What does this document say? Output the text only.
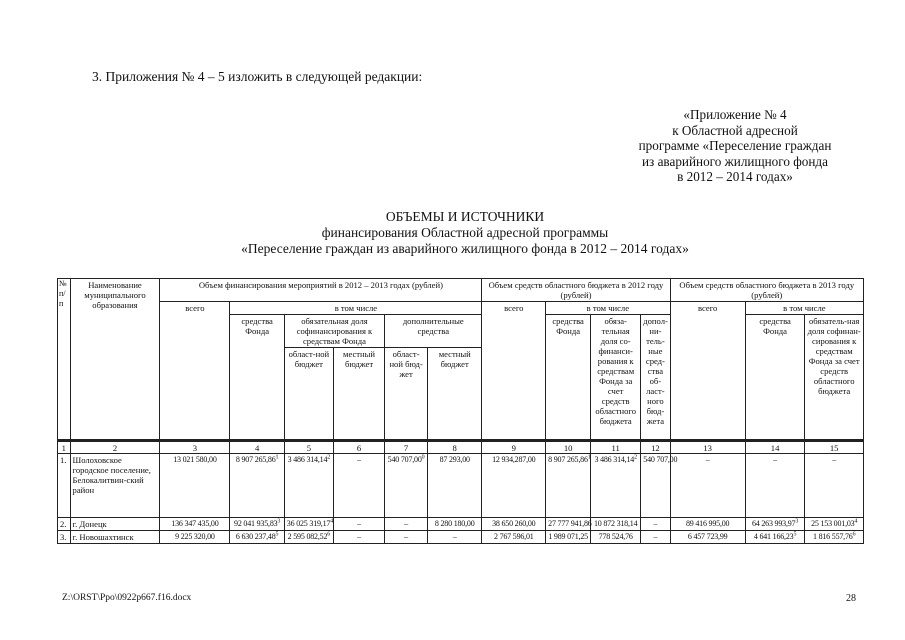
3. Приложения № 4 – 5 изложить в следующей редакции:
«Приложение № 4
к Областной адресной
программе «Переселение граждан
из аварийного жилищного фонда
в 2012 – 2014 годах»
ОБЪЕМЫ И ИСТОЧНИКИ
финансирования Областной адресной программы
«Переселение граждан из аварийного жилищного фонда в 2012 – 2014 годах»
№ п/п	Наименование муниципального образования	Объем финансирования мероприятий в 2012 – 2013 годах (рублей)						Объем средств областного бюджета в 2012 году (рублей)				Объем средств областного бюджета в 2013 году (рублей)		
		всего	в том числе					всего	в том числе			всего	в том числе	
			средства Фонда	обязательная доля софинансирования к средствам Фонда		дополнительные средства			средства Фонда	обяза-тельная доля со-финанси-рования к средствам Фонда за счет средств областного бюджета	допол-ни-тель-ные сред-ства об-ласт-ного бюд-жета		средства Фонда	обязатель-ная доля софинан-сирования к средствам Фонда за счет средств областного бюджета
				област-ной бюджет	местный бюджет	област-ной бюд-жет	местный бюджет							

1	2	3	4	5	6	7	8	9	10	11	12	13	14	15
1.	Шолоховское городское поселение, Белокалитвин-ский район	13 021 580,00	8 907 265,86$^1$	3 486 314,14$^2$	–	540 707,00$^0$	87 293,00	12 934,287,00	8 907 265,86$^1$	3 486 314,14$^2$	540 707,00	–	–	–
2.	г. Донецк	136 347 435,00	92 041 935,83$^3$	36 025 319,17$^4$	–	–	8 280 180,00	38 650 260,00	27 777 941,86	10 872 318,14	–	89 416 995,00	64 263 993,97$^3$	25 153 001,03$^4$
3.	г. Новошахтинск	9 225 320,00	6 630 237,48$^5$	2 595 082,52$^6$	–	–	–	2 767 596,01	1 989 071,25	778 524,76	–	6 457 723,99	4 641 166,23$^5$	1 816 557,76$^6$
Z:\ORST\Ppo\0922p667.f16.docx	28
